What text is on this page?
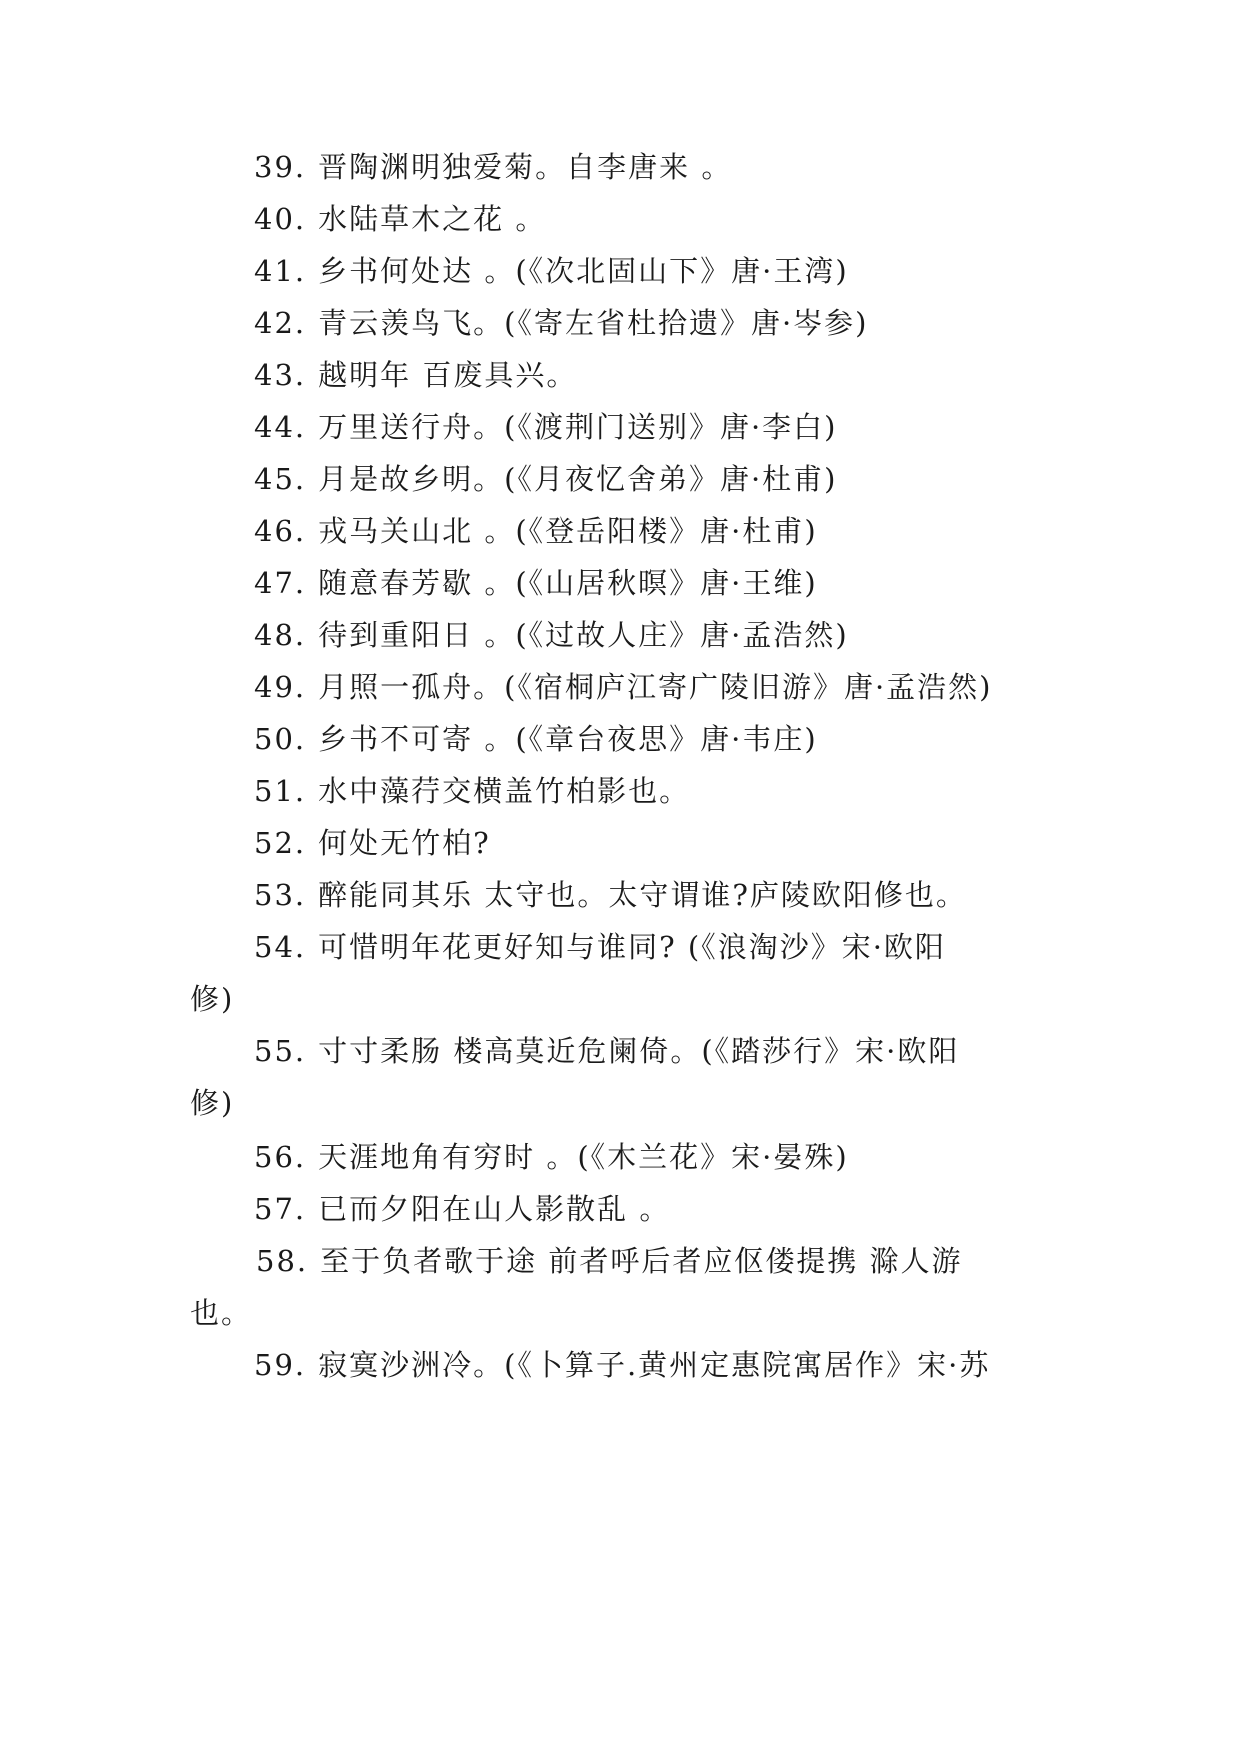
39. 晋陶渊明独爱菊。自李唐来 。
40. 水陆草木之花 。
41. 乡书何处达 。(《次北固山下》唐·王湾)
42. 青云羡鸟飞。(《寄左省杜拾遗》唐·岑参)
43. 越明年 百废具兴。
44. 万里送行舟。(《渡荆门送别》唐·李白)
45. 月是故乡明。(《月夜忆舍弟》唐·杜甫)
46. 戎马关山北 。(《登岳阳楼》唐·杜甫)
47. 随意春芳歇 。(《山居秋暝》唐·王维)
48. 待到重阳日 。(《过故人庄》唐·孟浩然)
49. 月照一孤舟。(《宿桐庐江寄广陵旧游》唐·孟浩然)
50. 乡书不可寄 。(《章台夜思》唐·韦庄)
51. 水中藻荇交横盖竹柏影也。
52. 何处无竹柏?
53. 醉能同其乐 太守也。太守谓谁?庐陵欧阳修也。
54. 可惜明年花更好知与谁同? (《浪淘沙》宋·欧阳
修)
55. 寸寸柔肠 楼高莫近危阑倚。(《踏莎行》宋·欧阳
修)
56. 天涯地角有穷时 。(《木兰花》宋·晏殊)
57. 已而夕阳在山人影散乱 。
58. 至于负者歌于途 前者呼后者应伛偻提携 滁人游
也。
59. 寂寞沙洲冷。(《卜算子.黄州定惠院寓居作》宋·苏
